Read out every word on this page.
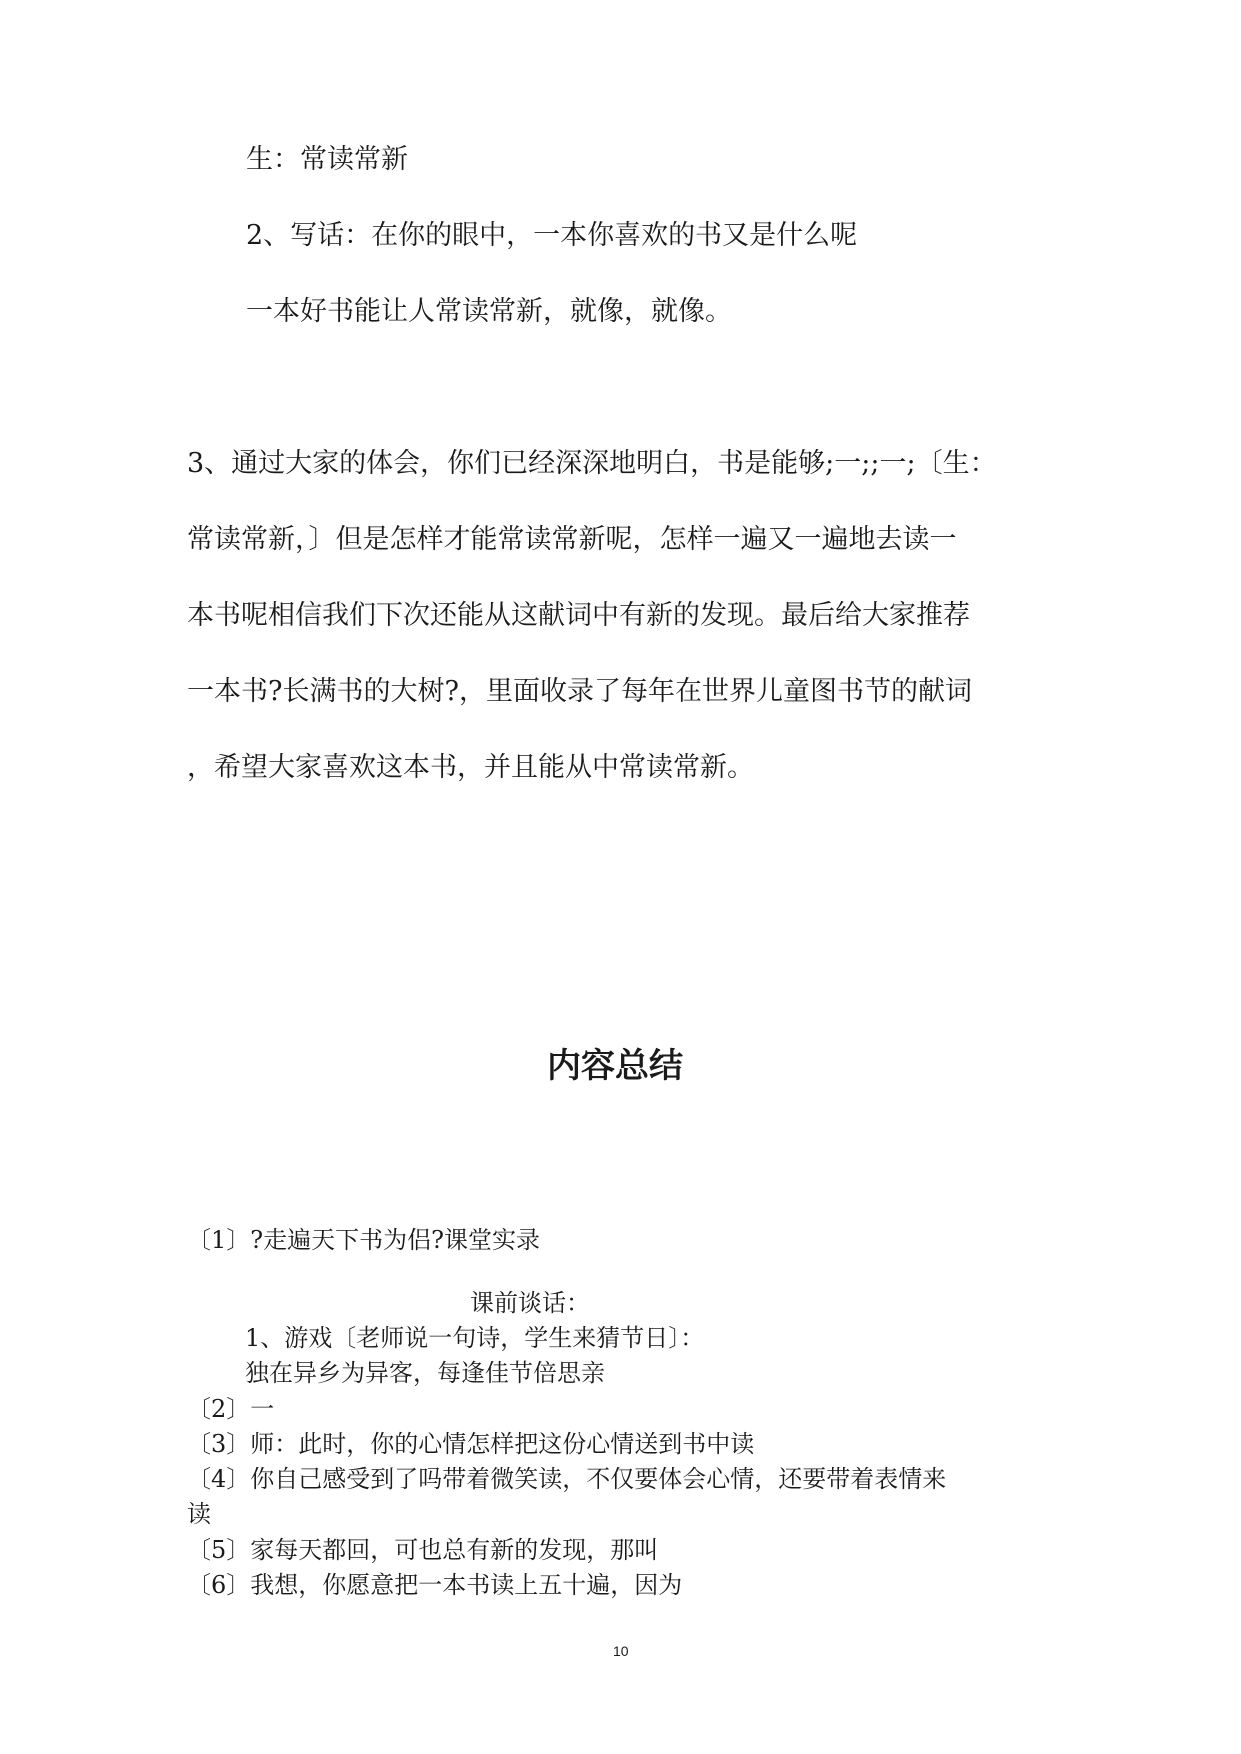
生：常读常新
2、写话：在你的眼中，一本你喜欢的书又是什么呢
一本好书能让人常读常新，就像，就像。
3、通过大家的体会，你们已经深深地明白，书是能够;一;;一;〔生：
常读常新，〕但是怎样才能常读常新呢，怎样一遍又一遍地去读一
本书呢相信我们下次还能从这献词中有新的发现。最后给大家推荐
一本书?长满书的大树?，里面收录了每年在世界儿童图书节的献词
，希望大家喜欢这本书，并且能从中常读常新。
内容总结
〔1〕?走遍天下书为侣?课堂实录
课前谈话：
1、游戏〔老师说一句诗，学生来猜节日〕：
独在异乡为异客，每逢佳节倍思亲
〔2〕一
〔3〕师：此时，你的心情怎样把这份心情送到书中读
〔4〕你自己感受到了吗带着微笑读，不仅要体会心情，还要带着表情来
读
〔5〕家每天都回，可也总有新的发现，那叫
〔6〕我想，你愿意把一本书读上五十遍，因为
10
